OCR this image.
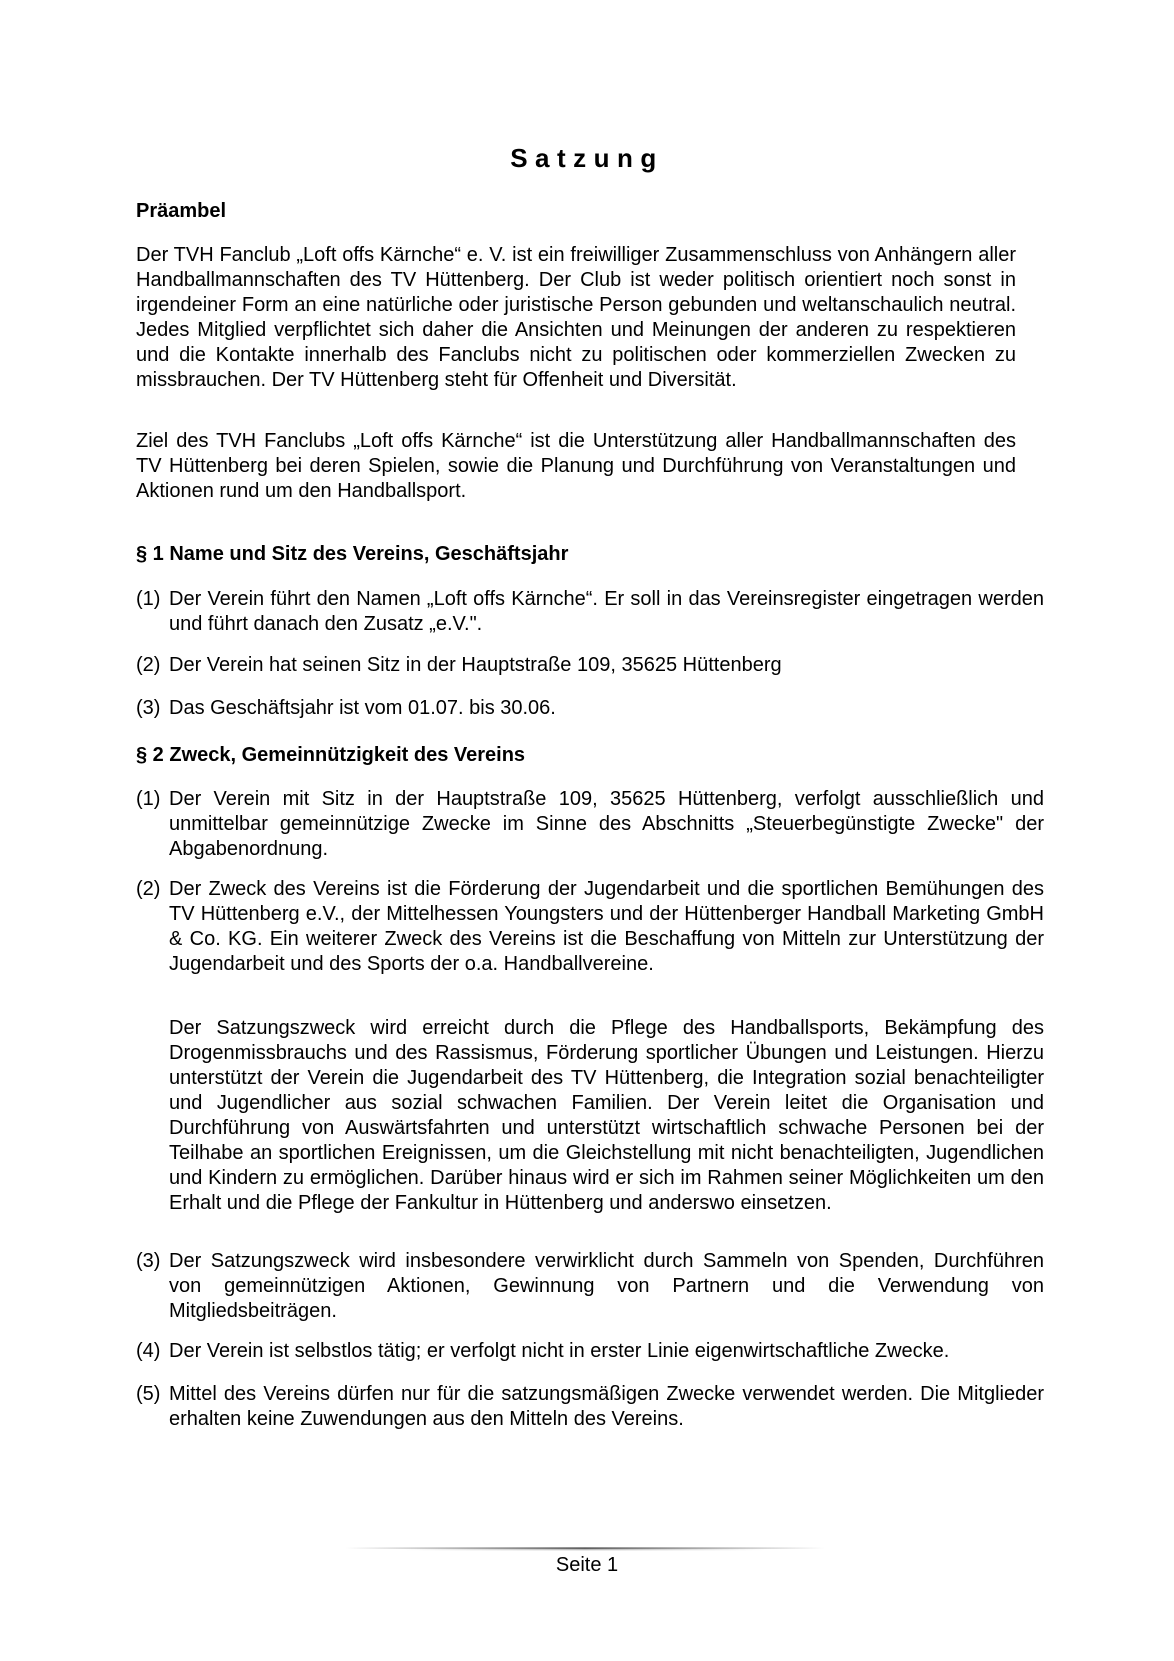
Satzung
Präambel

Der TVH Fanclub „Loft offs Kärnche“ e. V. ist ein freiwilliger Zusammenschluss von Anhängern aller Handballmannschaften des TV Hüttenberg. Der Club ist weder politisch orientiert noch sonst in irgendeiner Form an eine natürliche oder juristische Person gebunden und weltanschaulich neutral. Jedes Mitglied verpflichtet sich daher die Ansichten und Meinungen der anderen zu respektieren und die Kontakte innerhalb des Fanclubs nicht zu politischen oder kommerziellen Zwecken zu missbrauchen. Der TV Hüttenberg steht für Offenheit und Diversität.

Ziel des TVH Fanclubs „Loft offs Kärnche“ ist die Unterstützung aller Handballmannschaften des TV Hüttenberg bei deren Spielen, sowie die Planung und Durchführung von Veranstaltungen und Aktionen rund um den Handballsport.

§ 1 Name und Sitz des Vereins, Geschäftsjahr
(1) Der Verein führt den Namen „Loft offs Kärnche“. Er soll in das Vereinsregister eingetragen werden und führt danach den Zusatz „e.V.".
(2) Der Verein hat seinen Sitz in der Hauptstraße 109, 35625 Hüttenberg
(3) Das Geschäftsjahr ist vom 01.07. bis 30.06.
§ 2 Zweck, Gemeinnützigkeit des Vereins
(1) Der Verein mit Sitz in der Hauptstraße 109, 35625 Hüttenberg, verfolgt ausschließlich und unmittelbar gemeinnützige Zwecke im Sinne des Abschnitts „Steuerbegünstigte Zwecke" der Abgabenordnung.
(2) Der Zweck des Vereins ist die Förderung der Jugendarbeit und die sportlichen Bemühungen des TV Hüttenberg e.V., der Mittelhessen Youngsters und der Hüttenberger Handball Marketing GmbH & Co. KG. Ein weiterer Zweck des Vereins ist die Beschaffung von Mitteln zur Unterstützung der Jugendarbeit und des Sports der o.a. Handballvereine.

Der Satzungszweck wird erreicht durch die Pflege des Handballsports, Bekämpfung des Drogenmissbrauchs und des Rassismus, Förderung sportlicher Übungen und Leistungen. Hierzu unterstützt der Verein die Jugendarbeit des TV Hüttenberg, die Integration sozial benachteiligter und Jugendlicher aus sozial schwachen Familien. Der Verein leitet die Organisation und Durchführung von Auswärtsfahrten und unterstützt wirtschaftlich schwache Personen bei der Teilhabe an sportlichen Ereignissen, um die Gleichstellung mit nicht benachteiligten, Jugendlichen und Kindern zu ermöglichen. Darüber hinaus wird er sich im Rahmen seiner Möglichkeiten um den Erhalt und die Pflege der Fankultur in Hüttenberg und anderswo einsetzen.

(3) Der Satzungszweck wird insbesondere verwirklicht durch Sammeln von Spenden, Durchführen von gemeinnützigen Aktionen, Gewinnung von Partnern und die Verwendung von Mitgliedsbeiträgen.
(4) Der Verein ist selbstlos tätig; er verfolgt nicht in erster Linie eigenwirtschaftliche Zwecke.
(5) Mittel des Vereins dürfen nur für die satzungsmäßigen Zwecke verwendet werden. Die Mitglieder erhalten keine Zuwendungen aus den Mitteln des Vereins.
Seite 1
